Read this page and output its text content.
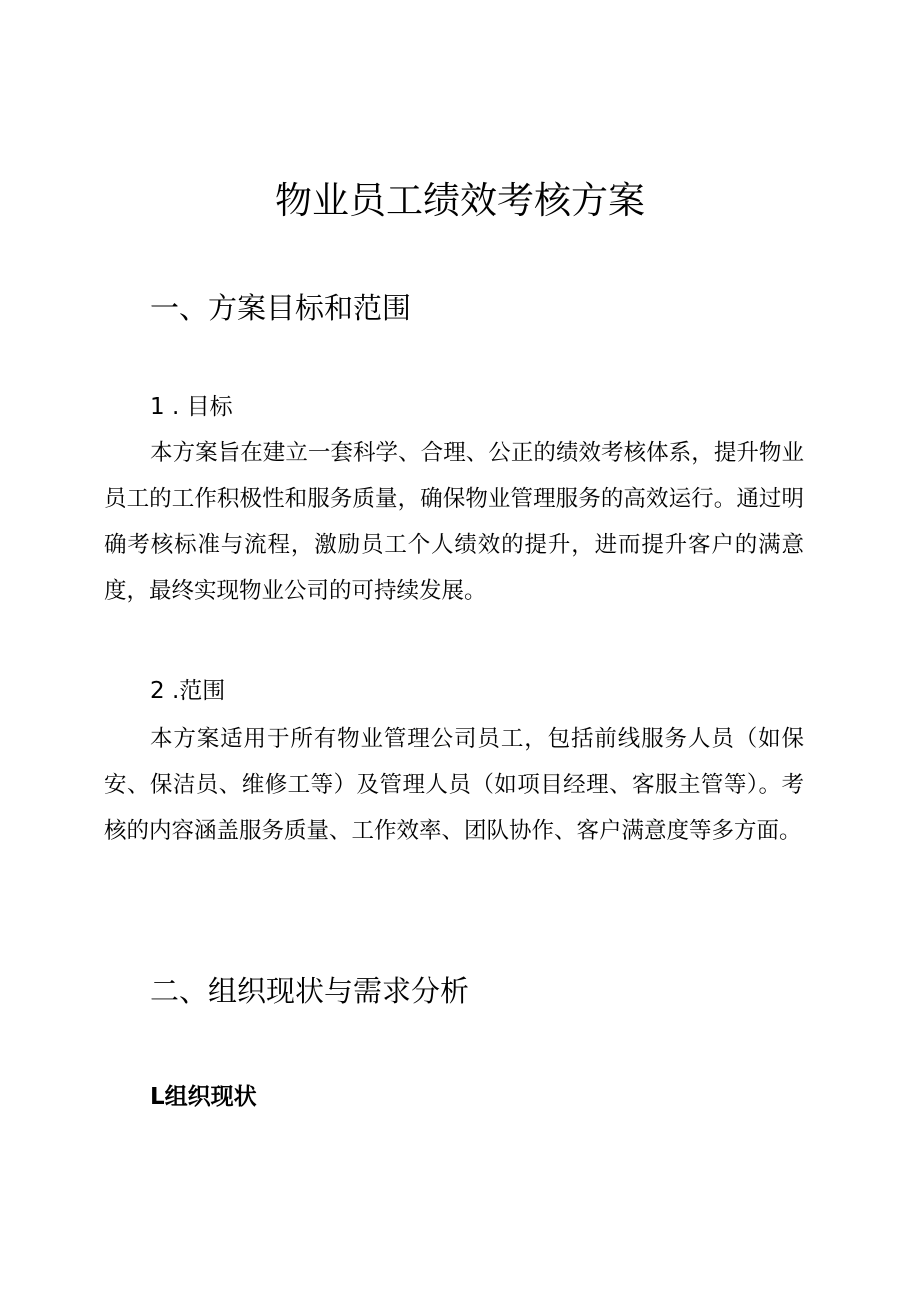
物业员工绩效考核方案
一、方案目标和范围
1 . 目标
本方案旨在建立一套科学、合理、公正的绩效考核体系，提升物业员工的工作积极性和服务质量，确保物业管理服务的高效运行。通过明确考核标准与流程，激励员工个人绩效的提升，进而提升客户的满意度，最终实现物业公司的可持续发展。
2 .范围
本方案适用于所有物业管理公司员工，包括前线服务人员（如保安、保洁员、维修工等）及管理人员（如项目经理、客服主管等）。考核的内容涵盖服务质量、工作效率、团队协作、客户满意度等多方面。
二、组织现状与需求分析
L组织现状
